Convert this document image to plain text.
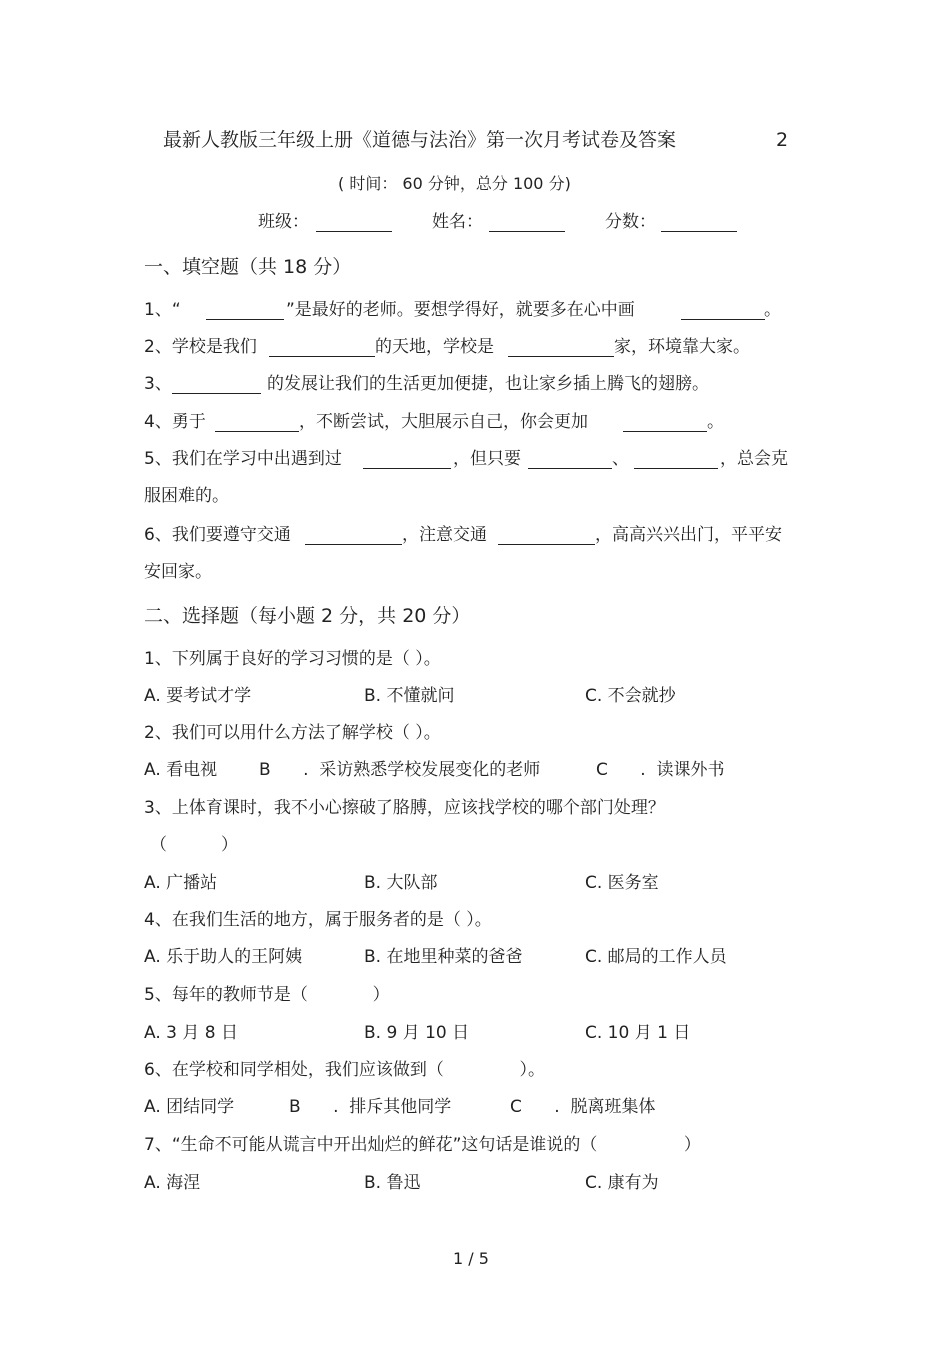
最新人教版三年级上册《道德与法治》第一次月考试卷及答案	2
( 时间： 60 分钟，总分 100 分)
班级：	姓名：	分数：
一、填空题（共 18 分）
1、“	”是最好的老师。要想学得好，就要多在心中画	。
2、学校是我们	的天地，学校是	家，环境靠大家。
3、	的发展让我们的生活更加便捷，也让家乡插上腾飞的翅膀。
4、勇于	，不断尝试，大胆展示自己，你会更加	。
5、我们在学习中出遇到过	，但只要	、	，总会克
服困难的。
6、我们要遵守交通	，注意交通	，高高兴兴出门，平平安
安回家。
二、选择题（每小题 2 分，共 20 分）
1、下列属于良好的学习习惯的是（ ）。
A. 要考试才学	B. 不懂就问	C. 不会就抄
2、我们可以用什么方法了解学校（ ）。
A. 看电视 B      .  采访熟悉学校发展变化的老师	C      .  读课外书
3、上体育课时，我不小心擦破了胳膊，应该找学校的哪个部门处理？
（          ）
A. 广播站	B. 大队部	C. 医务室
4、在我们生活的地方，属于服务者的是（ ）。
A. 乐于助人的王阿姨	B. 在地里种菜的爸爸	C. 邮局的工作人员
5、每年的教师节是（            ）
A. 3 月 8 日	B. 9 月 10 日	C. 10 月 1 日
6、在学校和同学相处，我们应该做到（              ）。
A. 团结同学	B      .  排斥其他同学	C      .  脱离班集体
7、“生命不可能从谎言中开出灿烂的鲜花”这句话是谁说的（                ）
A. 海涅	B. 鲁迅	C. 康有为
1 / 5
